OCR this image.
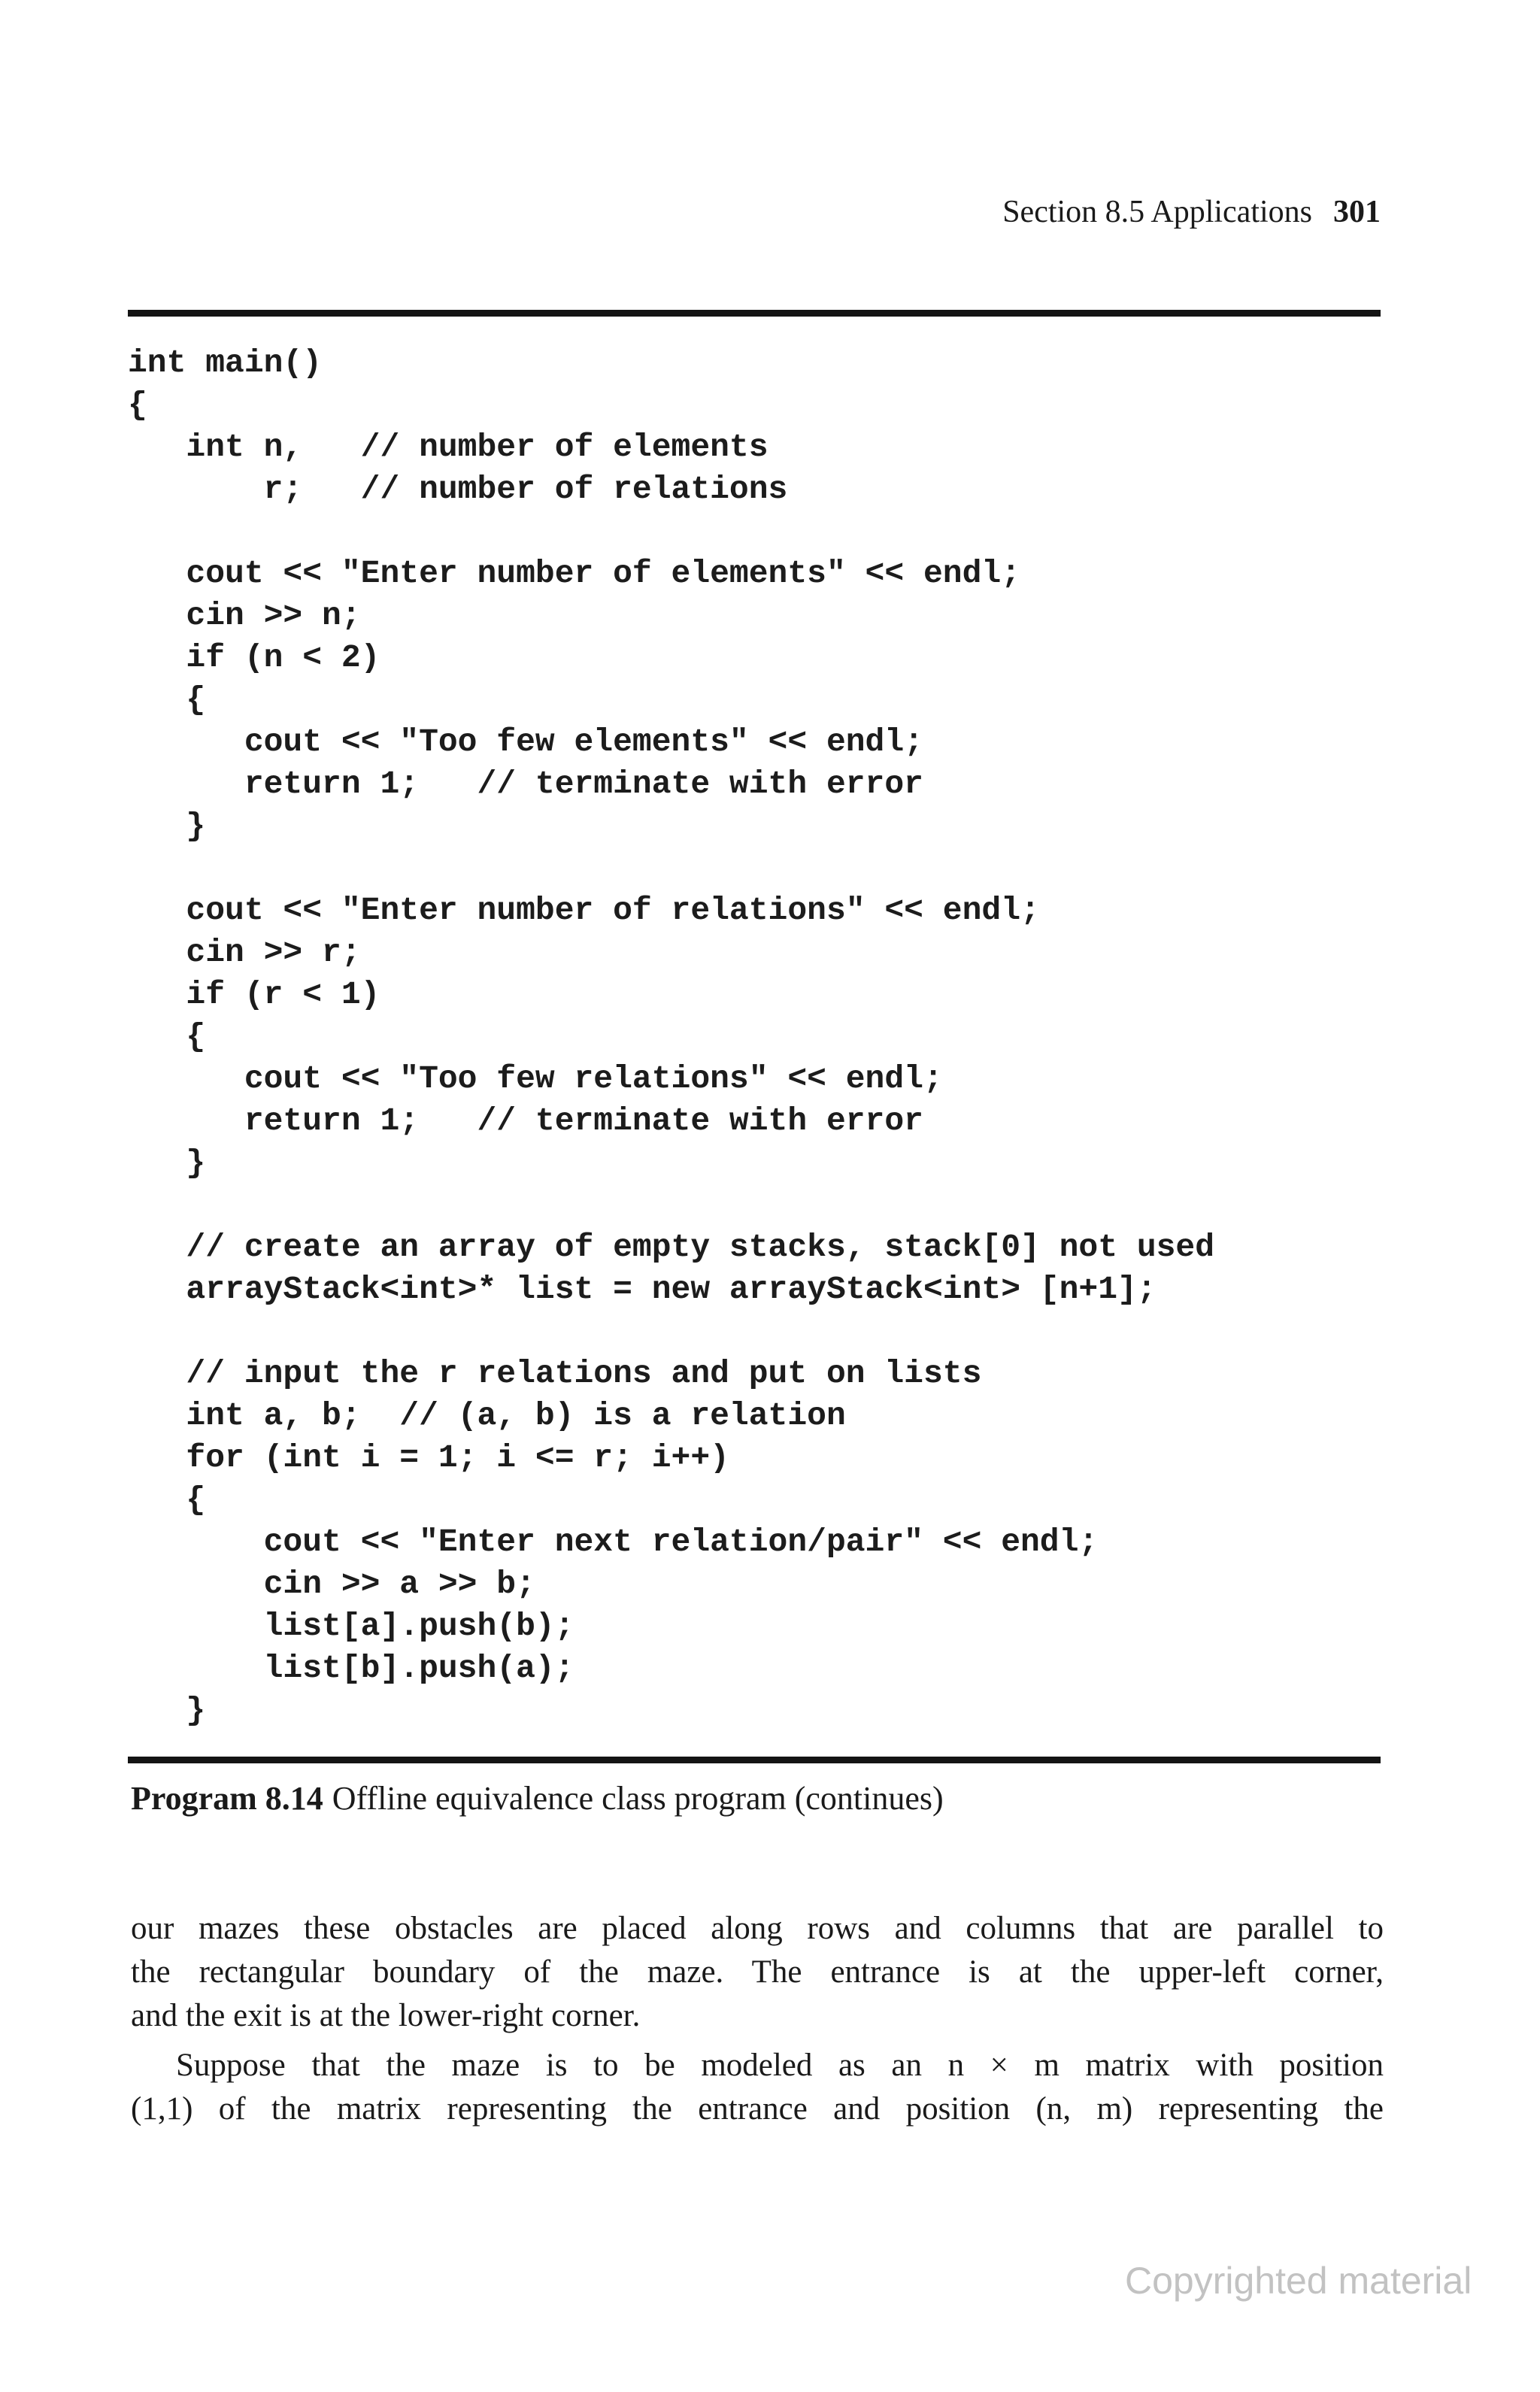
Section 8.5 Applications 301
int main()
{
int n,   // number of elements
r;   // number of relations
cout << "Enter number of elements" << endl;
cin >> n;
if (n < 2)
{
cout << "Too few elements" << endl;
return 1;   // terminate with error
}
cout << "Enter number of relations" << endl;
cin >> r;
if (r < 1)
{
cout << "Too few relations" << endl;
return 1;   // terminate with error
}
// create an array of empty stacks, stack[0] not used
arrayStack<int>* list = new arrayStack<int> [n+1];
// input the r relations and put on lists
int a, b;  // (a, b) is a relation
for (int i = 1; i <= r; i++)
{
cout << "Enter next relation/pair" << endl;
cin >> a >> b;
list[a].push(b);
list[b].push(a);
}
Program 8.14 Offline equivalence class program (continues)
our mazes these obstacles are placed along rows and columns that are parallel to
the rectangular boundary of the maze. The entrance is at the upper-left corner,
and the exit is at the lower-right corner.
Suppose that the maze is to be modeled as an n × m matrix with position
(1,1) of the matrix representing the entrance and position (n, m) representing the
Copyrighted material
